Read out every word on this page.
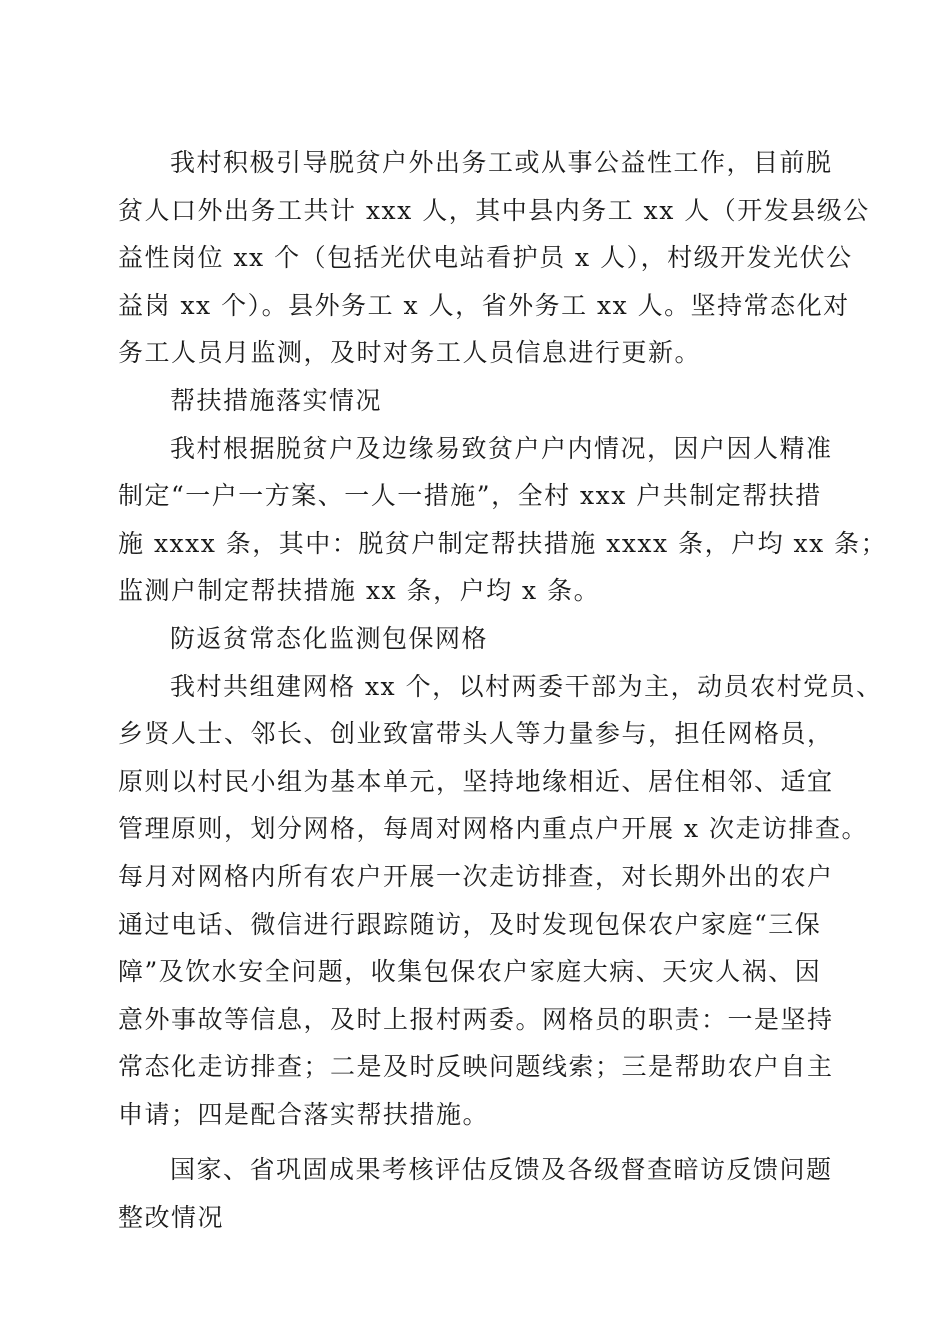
我村积极引导脱贫户外出务工或从事公益性工作，目前脱
贫人口外出务工共计 xxx 人，其中县内务工 xx 人（开发县级公
益性岗位 xx 个（包括光伏电站看护员 x 人），村级开发光伏公
益岗 xx 个）。县外务工 x 人，省外务工 xx 人。坚持常态化对
务工人员月监测，及时对务工人员信息进行更新。
帮扶措施落实情况
我村根据脱贫户及边缘易致贫户户内情况，因户因人精准
制定“一户一方案、一人一措施”，全村 xxx 户共制定帮扶措
施 xxxx 条，其中：脱贫户制定帮扶措施 xxxx 条，户均 xx 条；
监测户制定帮扶措施 xx 条，户均 x 条。
防返贫常态化监测包保网格
我村共组建网格 xx 个，以村两委干部为主，动员农村党员、
乡贤人士、邻长、创业致富带头人等力量参与，担任网格员，
原则以村民小组为基本单元，坚持地缘相近、居住相邻、适宜
管理原则，划分网格，每周对网格内重点户开展 x 次走访排查。
每月对网格内所有农户开展一次走访排查，对长期外出的农户
通过电话、微信进行跟踪随访，及时发现包保农户家庭“三保
障”及饮水安全问题，收集包保农户家庭大病、天灾人祸、因
意外事故等信息，及时上报村两委。网格员的职责：一是坚持
常态化走访排查；二是及时反映问题线索；三是帮助农户自主
申请；四是配合落实帮扶措施。
国家、省巩固成果考核评估反馈及各级督查暗访反馈问题
整改情况
